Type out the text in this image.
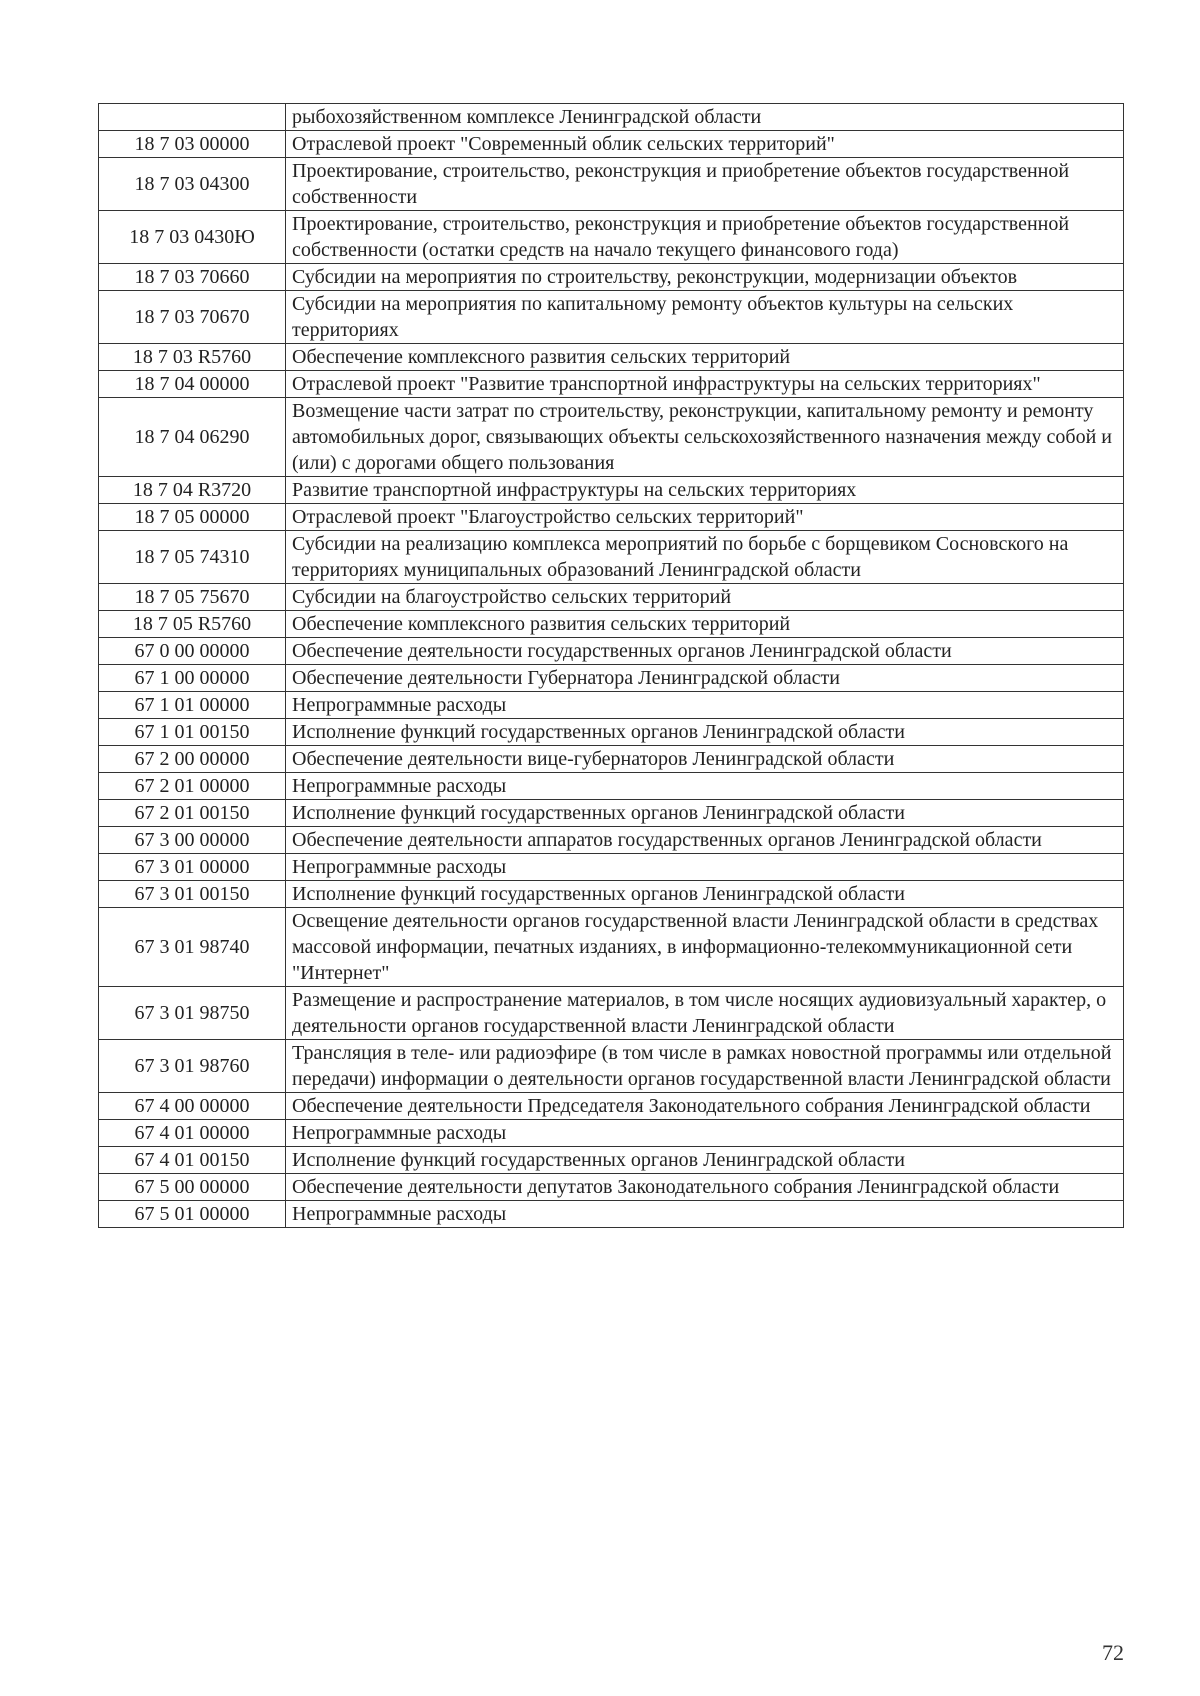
	рыбохозяйственном комплексе Ленинградской области
18 7 03 00000	Отраслевой проект "Современный облик сельских территорий"
18 7 03 04300	Проектирование, строительство, реконструкция и приобретение объектов государственной собственности
18 7 03 0430Ю	Проектирование, строительство, реконструкция и приобретение объектов государственной собственности (остатки средств на начало текущего финансового года)
18 7 03 70660	Субсидии на мероприятия по строительству, реконструкции, модернизации объектов
18 7 03 70670	Субсидии на мероприятия по капитальному ремонту объектов культуры на сельских территориях
18 7 03 R5760	Обеспечение комплексного развития сельских территорий
18 7 04 00000	Отраслевой проект "Развитие транспортной инфраструктуры на сельских территориях"
18 7 04 06290	Возмещение части затрат по строительству, реконструкции, капитальному ремонту и ремонту автомобильных дорог, связывающих объекты сельскохозяйственного назначения между собой и (или) с дорогами общего пользования
18 7 04 R3720	Развитие транспортной инфраструктуры на сельских территориях
18 7 05 00000	Отраслевой проект "Благоустройство сельских территорий"
18 7 05 74310	Субсидии на реализацию комплекса мероприятий по борьбе с борщевиком Сосновского на территориях муниципальных образований Ленинградской области
18 7 05 75670	Субсидии на благоустройство сельских территорий
18 7 05 R5760	Обеспечение комплексного развития сельских территорий
67 0 00 00000	Обеспечение деятельности государственных органов Ленинградской области
67 1 00 00000	Обеспечение деятельности Губернатора Ленинградской области
67 1 01 00000	Непрограммные расходы
67 1 01 00150	Исполнение функций государственных органов Ленинградской области
67 2 00 00000	Обеспечение деятельности вице-губернаторов Ленинградской области
67 2 01 00000	Непрограммные расходы
67 2 01 00150	Исполнение функций государственных органов Ленинградской области
67 3 00 00000	Обеспечение деятельности аппаратов государственных органов Ленинградской области
67 3 01 00000	Непрограммные расходы
67 3 01 00150	Исполнение функций государственных органов Ленинградской области
67 3 01 98740	Освещение деятельности органов государственной власти Ленинградской области в средствах массовой информации, печатных изданиях, в информационно-телекоммуникационной сети "Интернет"
67 3 01 98750	Размещение и распространение материалов, в том числе носящих аудиовизуальный характер, о деятельности органов государственной власти Ленинградской области
67 3 01 98760	Трансляция в теле- или радиоэфире (в том числе в рамках новостной программы или отдельной передачи) информации о деятельности органов государственной власти Ленинградской области
67 4 00 00000	Обеспечение деятельности Председателя Законодательного собрания Ленинградской области
67 4 01 00000	Непрограммные расходы
67 4 01 00150	Исполнение функций государственных органов Ленинградской области
67 5 00 00000	Обеспечение деятельности депутатов Законодательного собрания Ленинградской области
67 5 01 00000	Непрограммные расходы
72
